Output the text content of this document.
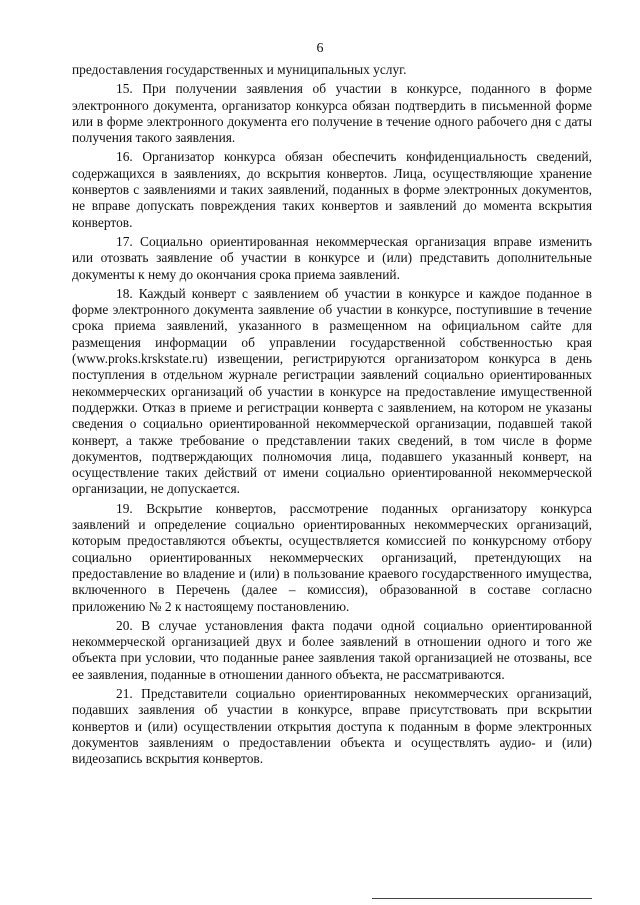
6

предоставления государственных и муниципальных услуг.

15. При получении заявления об участии в конкурсе, поданного в форме электронного документа, организатор конкурса обязан подтвердить в письменной форме или в форме электронного документа его получение в течение одного рабочего дня с даты получения такого заявления.

16. Организатор конкурса обязан обеспечить конфиденциальность сведений, содержащихся в заявлениях, до вскрытия конвертов. Лица, осуществляющие хранение конвертов с заявлениями и таких заявлений, поданных в форме электронных документов, не вправе допускать повреждения таких конвертов и заявлений до момента вскрытия конвертов.

17. Социально ориентированная некоммерческая организация вправе изменить или отозвать заявление об участии в конкурсе и (или) представить дополнительные документы к нему до окончания срока приема заявлений.

18. Каждый конверт с заявлением об участии в конкурсе и каждое поданное в форме электронного документа заявление об участии в конкурсе, поступившие в течение срока приема заявлений, указанного в размещенном на официальном сайте для размещения информации об управлении государственной собственностью края (www.proks.krskstate.ru) извещении, регистрируются организатором конкурса в день поступления в отдельном журнале регистрации заявлений социально ориентированных некоммерческих организаций об участии в конкурсе на предоставление имущественной поддержки. Отказ в приеме и регистрации конверта с заявлением, на котором не указаны сведения о социально ориентированной некоммерческой организации, подавшей такой конверт, а также требование о представлении таких сведений, в том числе в форме документов, подтверждающих полномочия лица, подавшего указанный конверт, на осуществление таких действий от имени социально ориентированной некоммерческой организации, не допускается.

19. Вскрытие конвертов, рассмотрение поданных организатору конкурса заявлений и определение социально ориентированных некоммерческих организаций, которым предоставляются объекты, осуществляется комиссией по конкурсному отбору социально ориентированных некоммерческих организаций, претендующих на предоставление во владение и (или) в пользование краевого государственного имущества, включенного в Перечень (далее – комиссия), образованной в составе согласно приложению № 2 к настоящему постановлению.

20. В случае установления факта подачи одной социально ориентированной некоммерческой организацией двух и более заявлений в отношении одного и того же объекта при условии, что поданные ранее заявления такой организацией не отозваны, все ее заявления, поданные в отношении данного объекта, не рассматриваются.

21. Представители социально ориентированных некоммерческих организаций, подавших заявления об участии в конкурсе, вправе присутствовать при вскрытии конвертов и (или) осуществлении открытия доступа к поданным в форме электронных документов заявлениям о предоставлении объекта и осуществлять аудио- и (или) видеозапись вскрытия конвертов.
